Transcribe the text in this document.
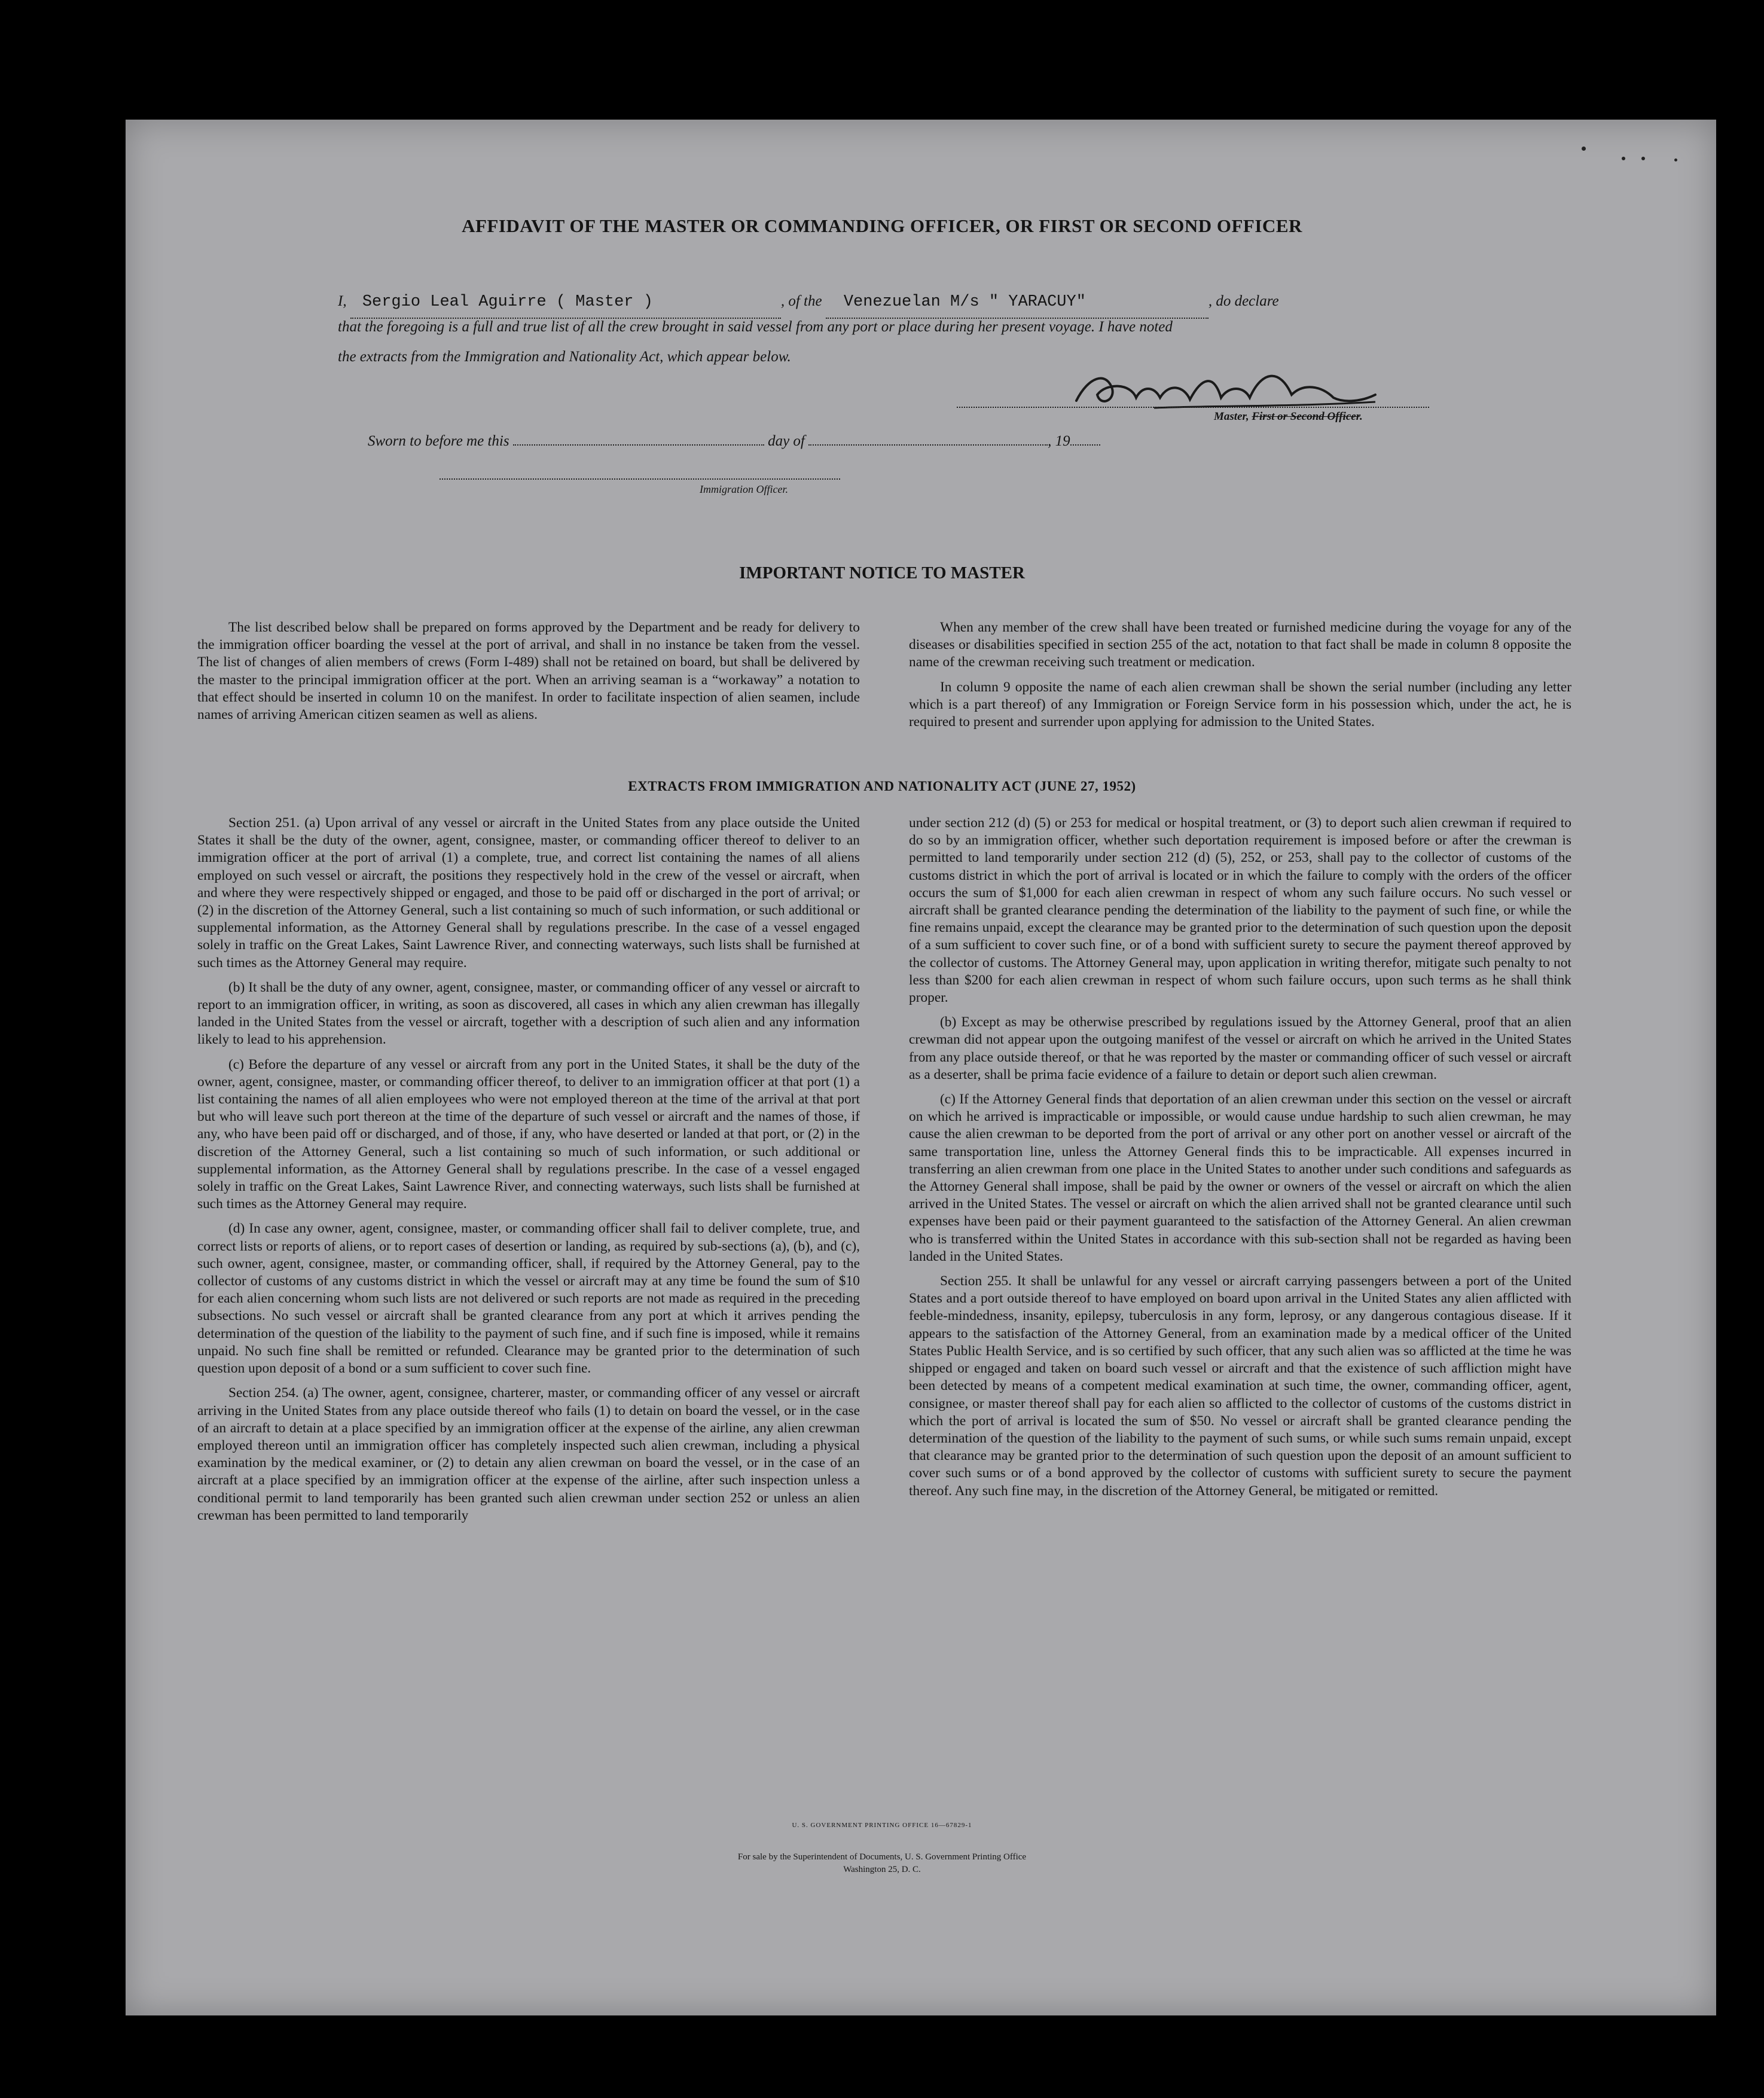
AFFIDAVIT OF THE MASTER OR COMMANDING OFFICER, OR FIRST OR SECOND OFFICER
I, Sergio Leal Aguirre ( Master )	, of the Venezuelan M/s " YARACUY"	, do declare
that the foregoing is a full and true list of all the crew brought in said vessel from any port or place during her present voyage. I have noted
the extracts from the Immigration and Nationality Act, which appear below.
Master, First or Second Officer.
Sworn to before me this	day of	, 19
Immigration Officer.
IMPORTANT NOTICE TO MASTER

The list described below shall be prepared on forms approved by the Department and be ready for delivery to the immigration officer boarding the vessel at the port of arrival, and shall in no instance be taken from the vessel. The list of changes of alien members of crews (Form I-489) shall not be retained on board, but shall be delivered by the master to the principal immigration officer at the port. When an arriving seaman is a “workaway” a notation to that effect should be inserted in column 10 on the manifest. In order to facilitate inspection of alien seamen, include names of arriving American citizen seamen as well as aliens.

When any member of the crew shall have been treated or furnished medicine during the voyage for any of the diseases or disabilities specified in section 255 of the act, notation to that fact shall be made in column 8 opposite the name of the crewman receiving such treatment or medication.

In column 9 opposite the name of each alien crewman shall be shown the serial number (including any letter which is a part thereof) of any Immigration or Foreign Service form in his possession which, under the act, he is required to present and surrender upon applying for admission to the United States.

EXTRACTS FROM IMMIGRATION AND NATIONALITY ACT (JUNE 27, 1952)

Section 251. (a) Upon arrival of any vessel or aircraft in the United States from any place outside the United States it shall be the duty of the owner, agent, consignee, master, or commanding officer thereof to deliver to an immigration officer at the port of arrival (1) a complete, true, and correct list containing the names of all aliens employed on such vessel or aircraft, the positions they respectively hold in the crew of the vessel or aircraft, when and where they were respectively shipped or engaged, and those to be paid off or discharged in the port of arrival; or (2) in the discretion of the Attorney General, such a list containing so much of such information, or such additional or supplemental information, as the Attorney General shall by regulations prescribe. In the case of a vessel engaged solely in traffic on the Great Lakes, Saint Lawrence River, and connecting waterways, such lists shall be furnished at such times as the Attorney General may require.

(b) It shall be the duty of any owner, agent, consignee, master, or commanding officer of any vessel or aircraft to report to an immigration officer, in writing, as soon as discovered, all cases in which any alien crewman has illegally landed in the United States from the vessel or aircraft, together with a description of such alien and any information likely to lead to his apprehension.

(c) Before the departure of any vessel or aircraft from any port in the United States, it shall be the duty of the owner, agent, consignee, master, or commanding officer thereof, to deliver to an immigration officer at that port (1) a list containing the names of all alien employees who were not employed thereon at the time of the arrival at that port but who will leave such port thereon at the time of the departure of such vessel or aircraft and the names of those, if any, who have been paid off or discharged, and of those, if any, who have deserted or landed at that port, or (2) in the discretion of the Attorney General, such a list containing so much of such information, or such additional or supplemental information, as the Attorney General shall by regulations prescribe. In the case of a vessel engaged solely in traffic on the Great Lakes, Saint Lawrence River, and connecting waterways, such lists shall be furnished at such times as the Attorney General may require.

(d) In case any owner, agent, consignee, master, or commanding officer shall fail to deliver complete, true, and correct lists or reports of aliens, or to report cases of desertion or landing, as required by sub-sections (a), (b), and (c), such owner, agent, consignee, master, or commanding officer, shall, if required by the Attorney General, pay to the collector of customs of any customs district in which the vessel or aircraft may at any time be found the sum of $10 for each alien concerning whom such lists are not delivered or such reports are not made as required in the preceding subsections. No such vessel or aircraft shall be granted clearance from any port at which it arrives pending the determination of the question of the liability to the payment of such fine, and if such fine is imposed, while it remains unpaid. No such fine shall be remitted or refunded. Clearance may be granted prior to the determination of such question upon deposit of a bond or a sum sufficient to cover such fine.

Section 254. (a) The owner, agent, consignee, charterer, master, or commanding officer of any vessel or aircraft arriving in the United States from any place outside thereof who fails (1) to detain on board the vessel, or in the case of an aircraft to detain at a place specified by an immigration officer at the expense of the airline, any alien crewman employed thereon until an immigration officer has completely inspected such alien crewman, including a physical examination by the medical examiner, or (2) to detain any alien crewman on board the vessel, or in the case of an aircraft at a place specified by an immigration officer at the expense of the airline, after such inspection unless a conditional permit to land temporarily has been granted such alien crewman under section 252 or unless an alien crewman has been permitted to land temporarily

under section 212 (d) (5) or 253 for medical or hospital treatment, or (3) to deport such alien crewman if required to do so by an immigration officer, whether such deportation requirement is imposed before or after the crewman is permitted to land temporarily under section 212 (d) (5), 252, or 253, shall pay to the collector of customs of the customs district in which the port of arrival is located or in which the failure to comply with the orders of the officer occurs the sum of $1,000 for each alien crewman in respect of whom any such failure occurs. No such vessel or aircraft shall be granted clearance pending the determination of the liability to the payment of such fine, or while the fine remains unpaid, except the clearance may be granted prior to the determination of such question upon the deposit of a sum sufficient to cover such fine, or of a bond with sufficient surety to secure the payment thereof approved by the collector of customs. The Attorney General may, upon application in writing therefor, mitigate such penalty to not less than $200 for each alien crewman in respect of whom such failure occurs, upon such terms as he shall think proper.

(b) Except as may be otherwise prescribed by regulations issued by the Attorney General, proof that an alien crewman did not appear upon the outgoing manifest of the vessel or aircraft on which he arrived in the United States from any place outside thereof, or that he was reported by the master or commanding officer of such vessel or aircraft as a deserter, shall be prima facie evidence of a failure to detain or deport such alien crewman.

(c) If the Attorney General finds that deportation of an alien crewman under this section on the vessel or aircraft on which he arrived is impracticable or impossible, or would cause undue hardship to such alien crewman, he may cause the alien crewman to be deported from the port of arrival or any other port on another vessel or aircraft of the same transportation line, unless the Attorney General finds this to be impracticable. All expenses incurred in transferring an alien crewman from one place in the United States to another under such conditions and safeguards as the Attorney General shall impose, shall be paid by the owner or owners of the vessel or aircraft on which the alien arrived in the United States. The vessel or aircraft on which the alien arrived shall not be granted clearance until such expenses have been paid or their payment guaranteed to the satisfaction of the Attorney General. An alien crewman who is transferred within the United States in accordance with this sub-section shall not be regarded as having been landed in the United States.

Section 255. It shall be unlawful for any vessel or aircraft carrying passengers between a port of the United States and a port outside thereof to have employed on board upon arrival in the United States any alien afflicted with feeble-mindedness, insanity, epilepsy, tuberculosis in any form, leprosy, or any dangerous contagious disease. If it appears to the satisfaction of the Attorney General, from an examination made by a medical officer of the United States Public Health Service, and is so certified by such officer, that any such alien was so afflicted at the time he was shipped or engaged and taken on board such vessel or aircraft and that the existence of such affliction might have been detected by means of a competent medical examination at such time, the owner, commanding officer, agent, consignee, or master thereof shall pay for each alien so afflicted to the collector of customs of the customs district in which the port of arrival is located the sum of $50. No vessel or aircraft shall be granted clearance pending the determination of the question of the liability to the payment of such sums, or while such sums remain unpaid, except that clearance may be granted prior to the determination of such question upon the deposit of an amount sufficient to cover such sums or of a bond approved by the collector of customs with sufficient surety to secure the payment thereof. Any such fine may, in the discretion of the Attorney General, be mitigated or remitted.

U. S. GOVERNMENT PRINTING OFFICE 16—67829-1
For sale by the Superintendent of Documents, U. S. Government Printing Office
Washington 25, D. C.
